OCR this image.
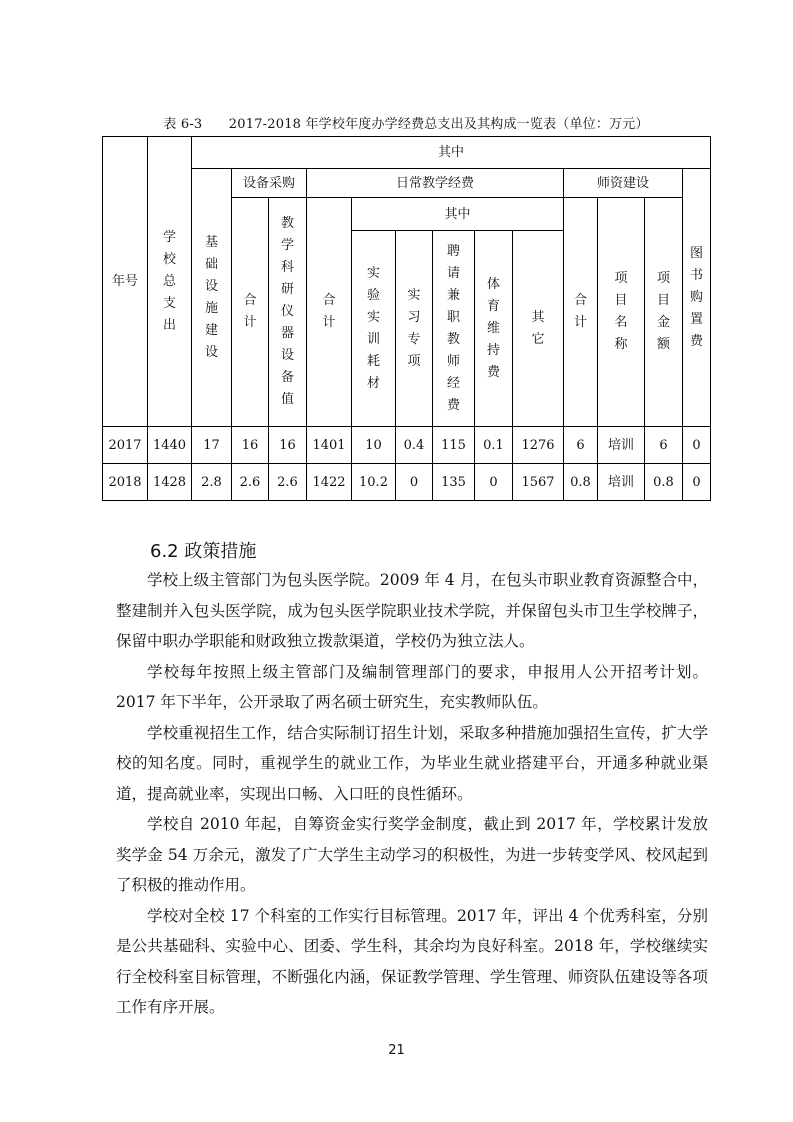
表 6-3　　2017-2018 年学校年度办学经费总支出及其构成一览表（单位：万元）
年号	学校总支出	其中												
		基础设施建设	设备采购		日常教学经费						师资建设			图书购置费
			合计	教学科研仪器设备值	合计	其中					合计	项目名称	项目金额	
						实验实训耗材	实习专项	聘请兼职教师经费	体育维持费	其它				
2017	1440	17	16	16	1401	10	0.4	115	0.1	1276	6	培训	6	0
2018	1428	2.8	2.6	2.6	1422	10.2	0	135	0	1567	0.8	培训	0.8	0
6.2 政策措施

学校上级主管部门为包头医学院。2009 年 4 月，在包头市职业教育资源整合中，整建制并入包头医学院，成为包头医学院职业技术学院，并保留包头市卫生学校牌子，保留中职办学职能和财政独立拨款渠道，学校仍为独立法人。

学校每年按照上级主管部门及编制管理部门的要求，申报用人公开招考计划。2017 年下半年，公开录取了两名硕士研究生，充实教师队伍。

学校重视招生工作，结合实际制订招生计划，采取多种措施加强招生宣传，扩大学校的知名度。同时，重视学生的就业工作，为毕业生就业搭建平台，开通多种就业渠道，提高就业率，实现出口畅、入口旺的良性循环。

学校自 2010 年起，自筹资金实行奖学金制度，截止到 2017 年，学校累计发放奖学金 54 万余元，激发了广大学生主动学习的积极性，为进一步转变学风、校风起到了积极的推动作用。

学校对全校 17 个科室的工作实行目标管理。2017 年，评出 4 个优秀科室，分别是公共基础科、实验中心、团委、学生科，其余均为良好科室。2018 年，学校继续实行全校科室目标管理，不断强化内涵，保证教学管理、学生管理、师资队伍建设等各项工作有序开展。

21
